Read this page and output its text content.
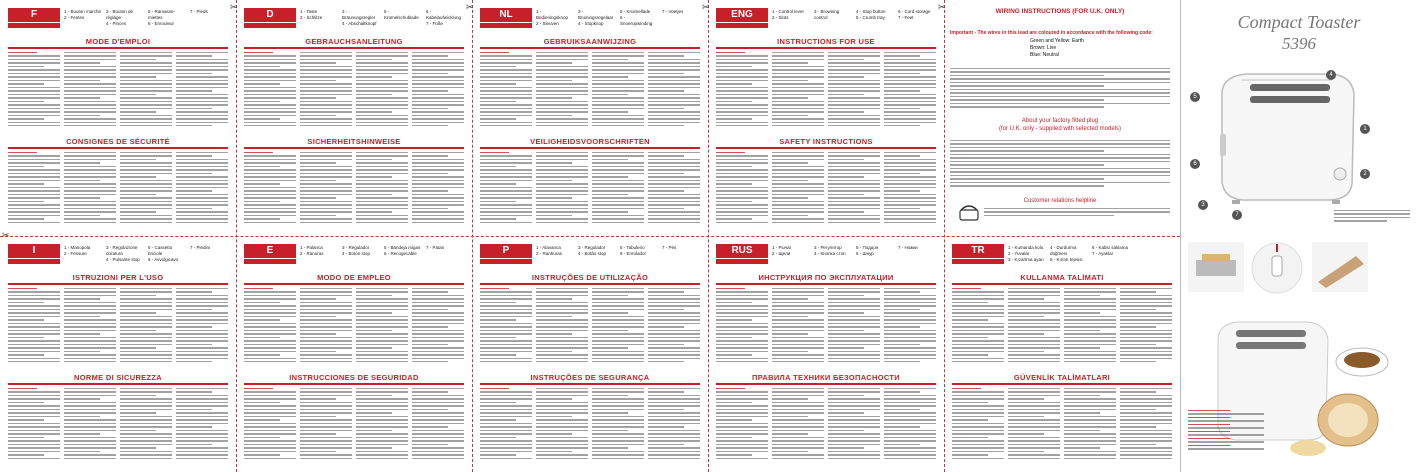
✂	✂	✂	✂
✂
F	1 - Bouton marche
2 - Fentes
3 - Bouton de réglage
4 - Pinces
5 - Ramasse-miettes
6 - Enrouleur
7 - Pieds
MODE D'EMPLOI
CONSIGNES DE SÉCURITÉ
D	1 - Taste
2 - Schlitze
3 - Bräunungsregler
4 - Abschaltknopf
5 - Krümelschublade
6 - Kabelaufwicklung
7 - Füße
GEBRAUCHSANLEITUNG
SICHERHEITSHINWEISE
NL	1 - Bedieningsknop
2 - Sleuven
3 - Bruiningsregelaar
4 - Stopknop
5 - Kruimellade
6 - Snoeropwinding
7 - Voetjes
GEBRUIKSAANWIJZING
VEILIGHEIDSVOORSCHRIFTEN
ENG	1 - Control lever
2 - Slots
3 - Browning control
4 - Stop button
5 - Crumb tray
6 - Cord storage
7 - Feet
INSTRUCTIONS FOR USE
SAFETY INSTRUCTIONS
I	1 - Manopola
2 - Fessure
3 - Regolazione doratura
4 - Pulsante stop
5 - Cassetto briciole
6 - Avvolgicavo
7 - Piedini
ISTRUZIONI PER L'USO
NORME DI SICUREZZA
E	1 - Palanca
2 - Ranuras
3 - Regulador
4 - Botón stop
5 - Bandeja migas
6 - Recogecable
7 - Patas
MODO DE EMPLEO
INSTRUCCIONES DE SEGURIDAD
P	1 - Alavanca
2 - Ranhuras
3 - Regulador
4 - Botão stop
5 - Tabuleiro
6 - Enrolador
7 - Pés
INSTRUÇÕES DE UTILIZAÇÃO
INSTRUÇÕES DE SEGURANÇA
RUS	1 - Рычаг
2 - Щели
3 - Регулятор
4 - Кнопка стоп
5 - Поддон
6 - Шнур
7 - Ножки
ИНСТРУКЦИЯ ПО ЭКСПЛУАТАЦИИ
ПРАВИЛА ТЕХНИКИ БЕЗОПАСНОСТИ
TR	1 - Kumanda kolu
2 - Yuvalar
3 - Kızartma ayarı
4 - Durdurma düğmesi
5 - Kırıntı tepsisi
6 - Kablo saklama
7 - Ayaklar
KULLANMA TALİMATI
GÜVENLİK TALİMATLARI
WIRING INSTRUCTIONS (FOR U.K. ONLY)
Important - The wires in this lead are coloured in accordance with the following code:
Green and Yellow: Earth
Brown: Live
Blue: Neutral
About your factory fitted plug
(for U.K. only - supplied with selected models)
Customer relations helpline
Compact Toaster
5396
4
5
1
6
2
3
7
